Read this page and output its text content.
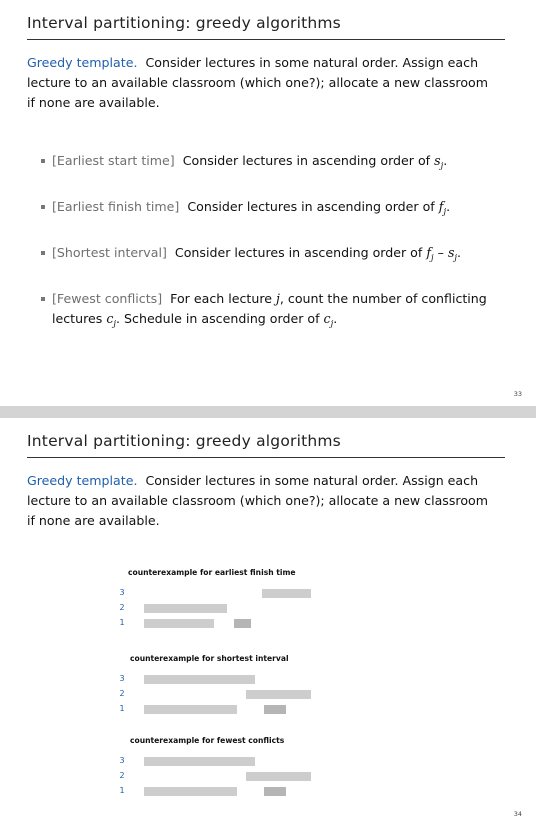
Interval partitioning: greedy algorithms
Greedy template. Consider lectures in some natural order. Assign each lecture to an available classroom (which one?); allocate a new classroom if none are available.
[Earliest start time] Consider lectures in ascending order of $s_j$.
[Earliest finish time] Consider lectures in ascending order of $f_j$.
[Shortest interval] Consider lectures in ascending order of $f_j - s_j$.
[Fewest conflicts] For each lecture j, count the number of conflicting lectures $c_j$. Schedule in ascending order of $c_j$.
33
Interval partitioning: greedy algorithms
Greedy template. Consider lectures in some natural order. Assign each lecture to an available classroom (which one?); allocate a new classroom if none are available.
counterexample for earliest finish time
3
2
1
counterexample for shortest interval
3
2
1
counterexample for fewest conflicts
3
2
1
34
